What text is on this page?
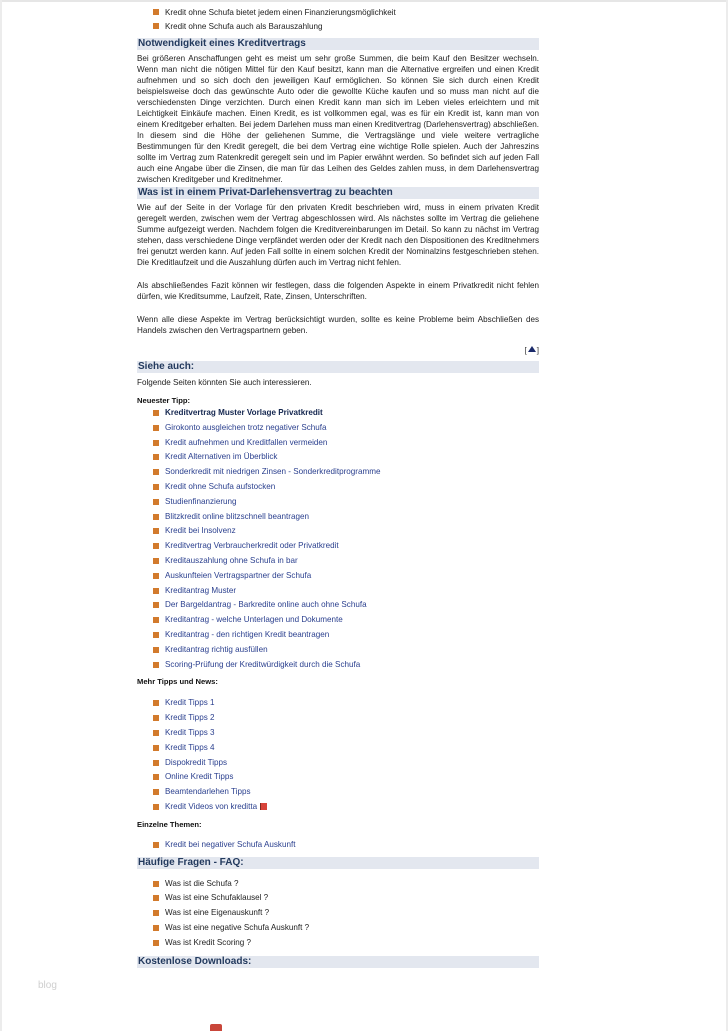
Kredit ohne Schufa bietet jedem einen Finanzierungsmöglichkeit
Kredit ohne Schufa auch als Barauszahlung
Notwendigkeit eines Kreditvertrags

Bei größeren Anschaffungen geht es meist um sehr große Summen, die beim Kauf den Besitzer wechseln. Wenn man nicht die nötigen Mittel für den Kauf besitzt, kann man die Alternative ergreifen und einen Kredit aufnehmen und so sich doch den jeweiligen Kauf ermöglichen. So können Sie sich durch einen Kredit beispielsweise doch das gewünschte Auto oder die gewollte Küche kaufen und so muss man nicht auf die verschiedensten Dinge verzichten. Durch einen Kredit kann man sich im Leben vieles erleichtern und mit Leichtigkeit Einkäufe machen. Einen Kredit, es ist vollkommen egal, was es für ein Kredit ist, kann man von einem Kreditgeber erhalten. Bei jedem Darlehen muss man einen Kreditvertrag (Darlehensvertrag) abschließen. In diesem sind die Höhe der geliehenen Summe, die Vertragslänge und viele weitere vertragliche Bestimmungen für den Kredit geregelt, die bei dem Vertrag eine wichtige Rolle spielen. Auch der Jahreszins sollte im Vertrag zum Ratenkredit geregelt sein und im Papier erwähnt werden. So befindet sich auf jeden Fall auch eine Angabe über die Zinsen, die man für das Leihen des Geldes zahlen muss, in dem Darlehensvertrag zwischen Kreditgeber und Kreditnehmer.

Was ist in einem Privat-Darlehensvertrag zu beachten

Wie auf der Seite in der Vorlage für den privaten Kredit beschrieben wird, muss in einem privaten Kredit geregelt werden, zwischen wem der Vertrag abgeschlossen wird. Als nächstes sollte im Vertrag die geliehene Summe aufgezeigt werden. Nachdem folgen die Kreditvereinbarungen im Detail. So kann zu nächst im Vertrag stehen, dass verschiedene Dinge verpfändet werden oder der Kredit nach den Dispositionen des Kreditnehmers frei genutzt werden kann. Auf jeden Fall sollte in einem solchen Kredit der Nominalzins festgeschrieben stehen. Die Kreditlaufzeit und die Auszahlung dürfen auch im Vertrag nicht fehlen.

Als abschließendes Fazit können wir festlegen, dass die folgenden Aspekte in einem Privatkredit nicht fehlen dürfen, wie Kreditsumme, Laufzeit, Rate, Zinsen, Unterschriften.

Wenn alle diese Aspekte im Vertrag berücksichtigt wurden, sollte es keine Probleme beim Abschließen des Handels zwischen den Vertragspartnern geben.

[ ]
Siehe auch:
Folgende Seiten könnten Sie auch interessieren.
Neuester Tipp:
Kreditvertrag Muster Vorlage Privatkredit
Girokonto ausgleichen trotz negativer Schufa
Kredit aufnehmen und Kreditfallen vermeiden
Kredit Alternativen im Überblick
Sonderkredit mit niedrigen Zinsen - Sonderkreditprogramme
Kredit ohne Schufa aufstocken
Studienfinanzierung
Blitzkredit online blitzschnell beantragen
Kredit bei Insolvenz
Kreditvertrag Verbraucherkredit oder Privatkredit
Kreditauszahlung ohne Schufa in bar
Auskunfteien Vertragspartner der Schufa
Kreditantrag Muster
Der Bargeldantrag - Barkredite online auch ohne Schufa
Kreditantrag - welche Unterlagen und Dokumente
Kreditantrag - den richtigen Kredit beantragen
Kreditantrag richtig ausfüllen
Scoring-Prüfung der Kreditwürdigkeit durch die Schufa
Mehr Tipps und News:
Kredit Tipps 1
Kredit Tipps 2
Kredit Tipps 3
Kredit Tipps 4
Dispokredit Tipps
Online Kredit Tipps
Beamtendarlehen Tipps
Kredit Videos von kreditta
Einzelne Themen:
Kredit bei negativer Schufa Auskunft
Häufige Fragen - FAQ:
Was ist die Schufa ?
Was ist eine Schufaklausel ?
Was ist eine Eigenauskunft ?
Was ist eine negative Schufa Auskunft ?
Was ist Kredit Scoring ?
Kostenlose Downloads:
blog
